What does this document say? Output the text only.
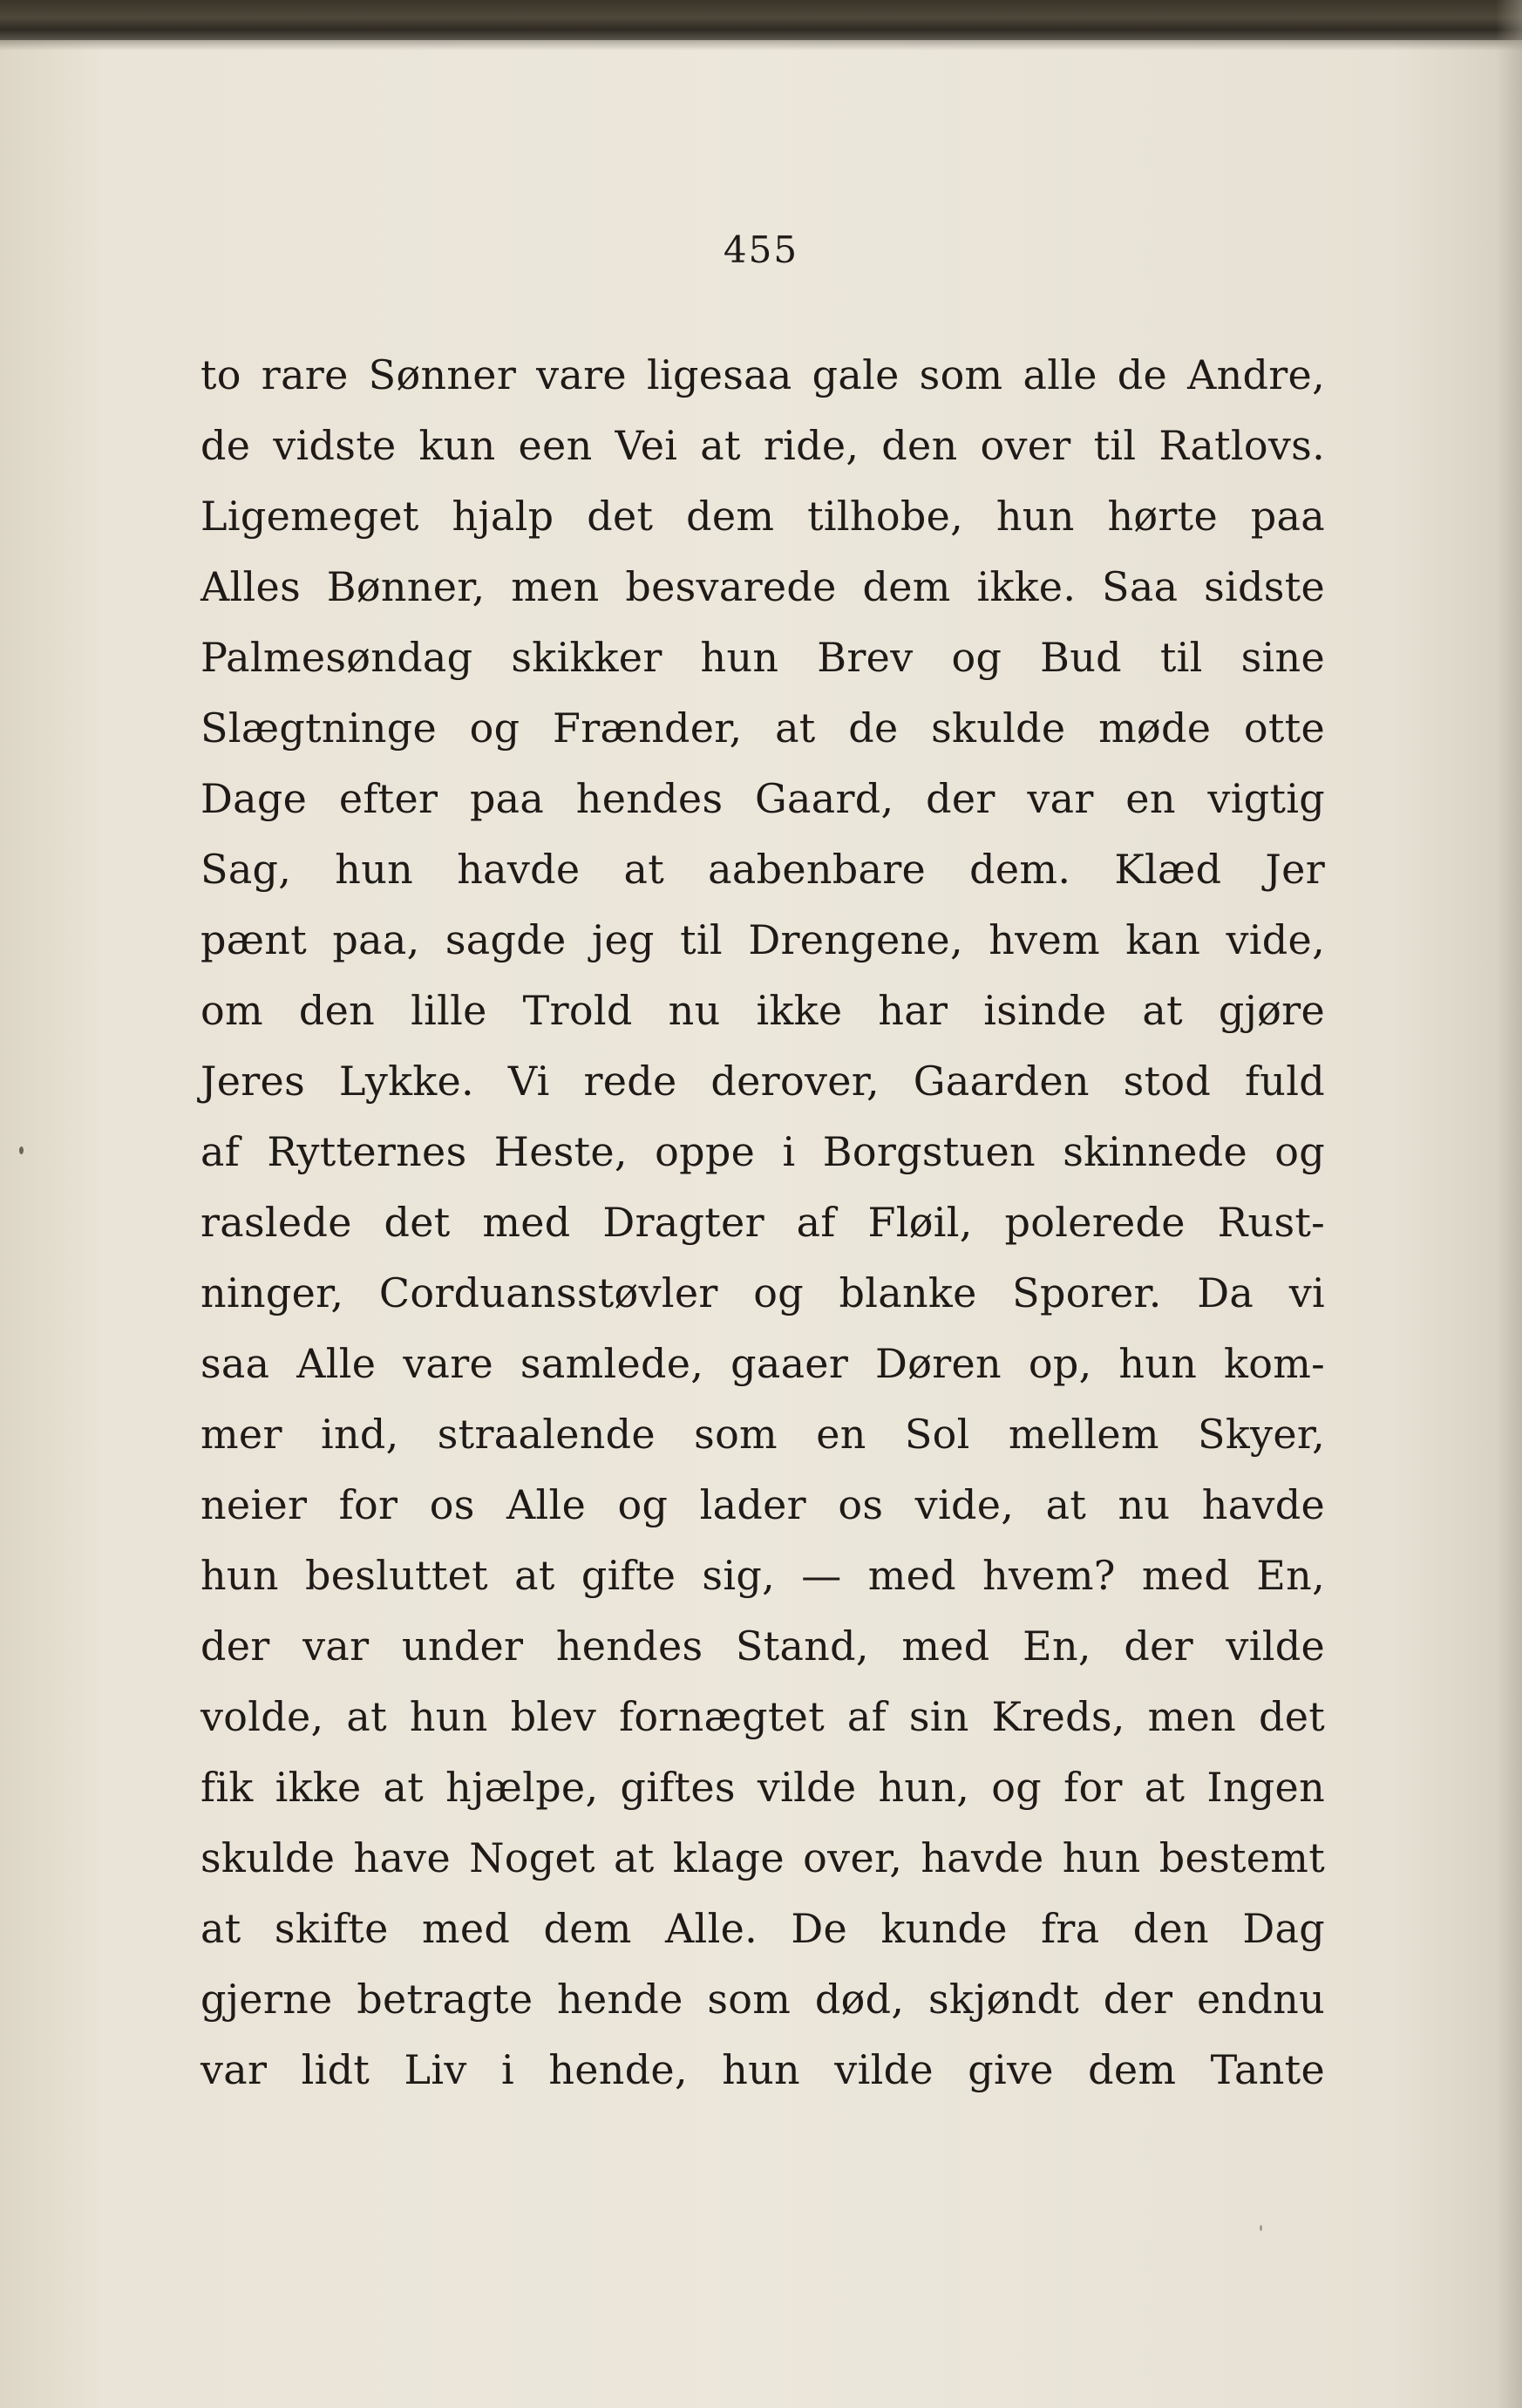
455
to rare Sønner vare ligesaa gale som alle de Andre,
de vidste kun een Vei at ride, den over til Ratlovs.
Ligemeget hjalp det dem tilhobe, hun hørte paa
Alles Bønner, men besvarede dem ikke. Saa sidste
Palmesøndag skikker hun Brev og Bud til sine
Slægtninge og Frænder, at de skulde møde otte
Dage efter paa hendes Gaard, der var en vigtig
Sag, hun havde at aabenbare dem. Klæd Jer
pænt paa, sagde jeg til Drengene, hvem kan vide,
om den lille Trold nu ikke har isinde at gjøre
Jeres Lykke. Vi rede derover, Gaarden stod fuld
af Rytternes Heste, oppe i Borgstuen skinnede og
raslede det med Dragter af Fløil, polerede Rust-
ninger, Corduansstøvler og blanke Sporer. Da vi
saa Alle vare samlede, gaaer Døren op, hun kom-
mer ind, straalende som en Sol mellem Skyer,
neier for os Alle og lader os vide, at nu havde
hun besluttet at gifte sig, — med hvem? med En,
der var under hendes Stand, med En, der vilde
volde, at hun blev fornægtet af sin Kreds, men det
fik ikke at hjælpe, giftes vilde hun, og for at Ingen
skulde have Noget at klage over, havde hun bestemt
at skifte med dem Alle. De kunde fra den Dag
gjerne betragte hende som død, skjøndt der endnu
var lidt Liv i hende, hun vilde give dem Tante
